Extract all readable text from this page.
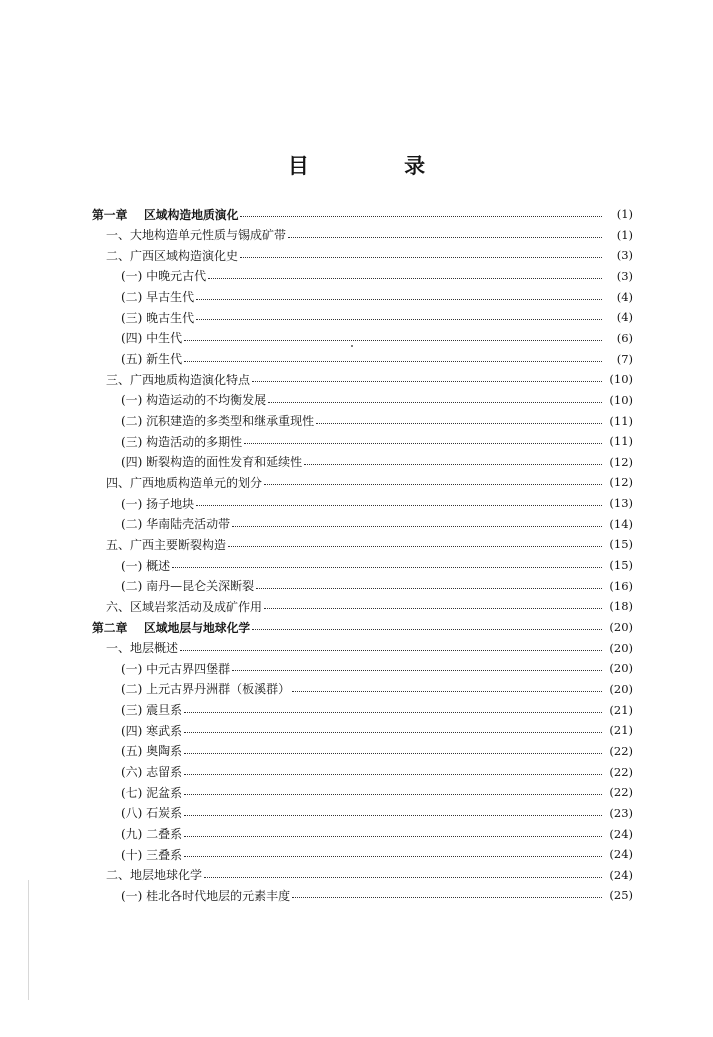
目 录
第一章 区域构造地质演化	(1)
一、大地构造单元性质与锡成矿带	(1)
二、广西区域构造演化史	(3)
(一) 中晚元古代	(3)
(二) 早古生代	(4)
(三) 晚古生代	(4)
(四) 中生代	(6)
(五) 新生代	(7)
三、广西地质构造演化特点	(10)
(一) 构造运动的不均衡发展	(10)
(二) 沉积建造的多类型和继承重现性	(11)
(三) 构造活动的多期性	(11)
(四) 断裂构造的面性发育和延续性	(12)
四、广西地质构造单元的划分	(12)
(一) 扬子地块	(13)
(二) 华南陆壳活动带	(14)
五、广西主要断裂构造	(15)
(一) 概述	(15)
(二) 南丹—昆仑关深断裂	(16)
六、区域岩浆活动及成矿作用	(18)
第二章 区域地层与地球化学	(20)
一、地层概述	(20)
(一) 中元古界四堡群	(20)
(二) 上元古界丹洲群（板溪群）	(20)
(三) 震旦系	(21)
(四) 寒武系	(21)
(五) 奥陶系	(22)
(六) 志留系	(22)
(七) 泥盆系	(22)
(八) 石炭系	(23)
(九) 二叠系	(24)
(十) 三叠系	(24)
二、地层地球化学	(24)
(一) 桂北各时代地层的元素丰度	(25)
